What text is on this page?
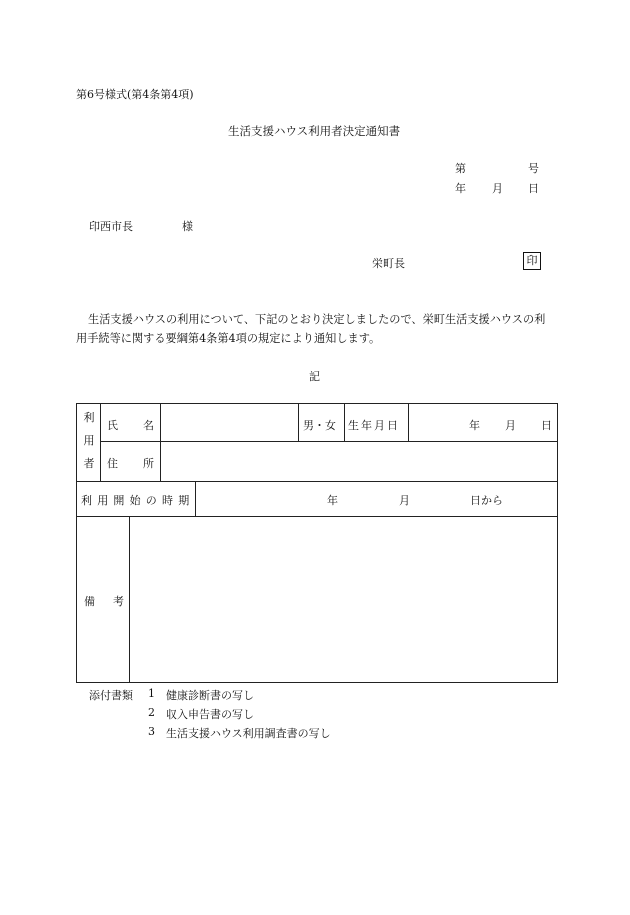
第6号様式(第4条第4項)
生活支援ハウス利用者決定通知書
第	号
年 月 日
印西市長	様
栄町長	印
生活支援ハウスの利用について、下記のとおり決定しましたので、栄町生活支援ハウスの利用手続等に関する要綱第4条第4項の規定により通知します。
記
利
用
者
氏 名	男・女 生年月日	年 月 日
住 所
利用開始の時期	年	月	日から
備 考
添付書類 1 健康診断書の写し
2 収入申告書の写し
3 生活支援ハウス利用調査書の写し
